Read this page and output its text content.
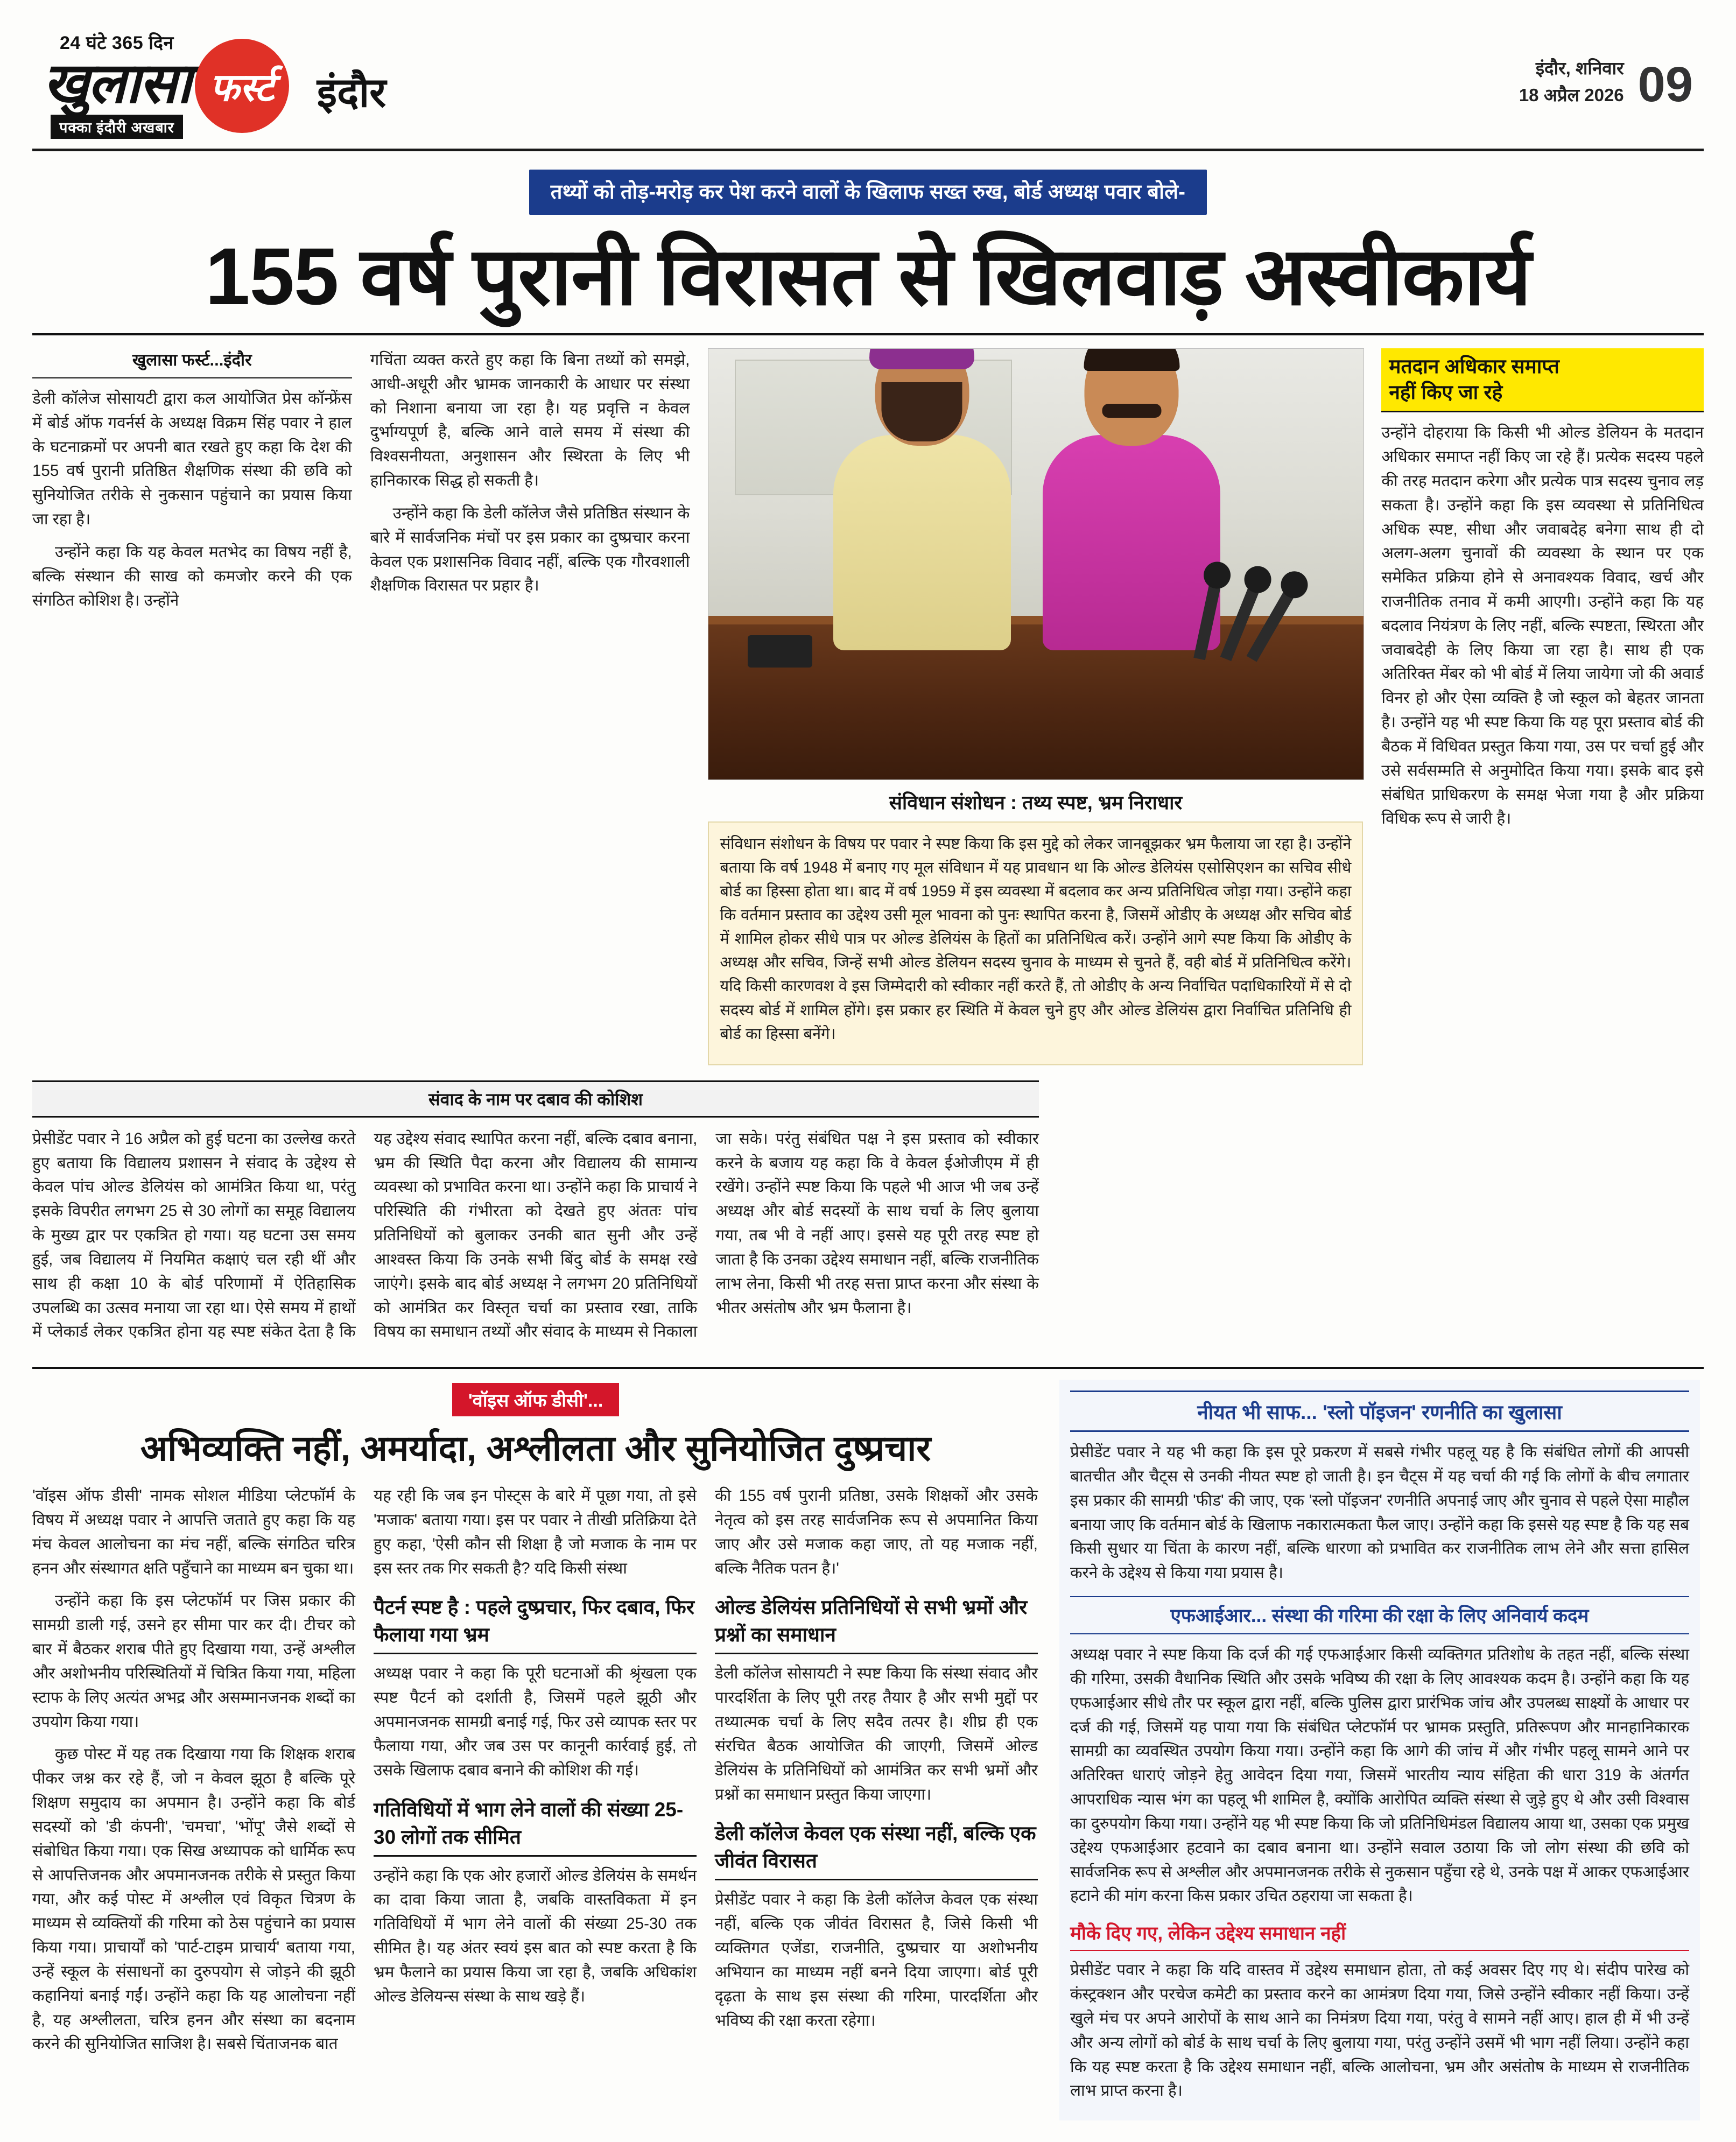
24 घंटे 365 दिन
खुलासा
पक्का इंदौरी अखबार
फर्स्ट	इंदौर
इंदौर, शनिवार
18 अप्रैल 2026 09
तथ्यों को तोड़-मरोड़ कर पेश करने वालों के खिलाफ सख्त रुख, बोर्ड अध्यक्ष पवार बोले-
155 वर्ष पुरानी विरासत से खिलवाड़ अस्वीकार्य
खुलासा फर्स्ट...इंदौर

डेली कॉलेज सोसायटी द्वारा कल आयोजित प्रेस कॉन्फ्रेंस में बोर्ड ऑफ गवर्नर्स के अध्यक्ष विक्रम सिंह पवार ने हाल के घटनाक्रमों पर अपनी बात रखते हुए कहा कि देश की 155 वर्ष पुरानी प्रतिष्ठित शैक्षणिक संस्था की छवि को सुनियोजित तरीके से नुकसान पहुंचाने का प्रयास किया जा रहा है।

उन्होंने कहा कि यह केवल मतभेद का विषय नहीं है, बल्कि संस्थान की साख को कमजोर करने की एक संगठित कोशिश है। उन्होंने

गचिंता व्यक्त करते हुए कहा कि बिना तथ्यों को समझे, आधी-अधूरी और भ्रामक जानकारी के आधार पर संस्था को निशाना बनाया जा रहा है। यह प्रवृत्ति न केवल दुर्भाग्यपूर्ण है, बल्कि आने वाले समय में संस्था की विश्वसनीयता, अनुशासन और स्थिरता के लिए भी हानिकारक सिद्ध हो सकती है।

उन्होंने कहा कि डेली कॉलेज जैसे प्रतिष्ठित संस्थान के बारे में सार्वजनिक मंचों पर इस प्रकार का दुष्प्रचार करना केवल एक प्रशासनिक विवाद नहीं, बल्कि एक गौरवशाली शैक्षणिक विरासत पर प्रहार है।

संविधान संशोधन : तथ्य स्पष्ट, भ्रम निराधार

संविधान संशोधन के विषय पर पवार ने स्पष्ट किया कि इस मुद्दे को लेकर जानबूझकर भ्रम फैलाया जा रहा है। उन्होंने बताया कि वर्ष 1948 में बनाए गए मूल संविधान में यह प्रावधान था कि ओल्ड डेलियंस एसोसिएशन का सचिव सीधे बोर्ड का हिस्सा होता था। बाद में वर्ष 1959 में इस व्यवस्था में बदलाव कर अन्य प्रतिनिधित्व जोड़ा गया। उन्होंने कहा कि वर्तमान प्रस्ताव का उद्देश्य उसी मूल भावना को पुनः स्थापित करना है, जिसमें ओडीए के अध्यक्ष और सचिव बोर्ड में शामिल होकर सीधे पात्र पर ओल्ड डेलियंस के हितों का प्रतिनिधित्व करें। उन्होंने आगे स्पष्ट किया कि ओडीए के अध्यक्ष और सचिव, जिन्हें सभी ओल्ड डेलियन सदस्य चुनाव के माध्यम से चुनते हैं, वही बोर्ड में प्रतिनिधित्व करेंगे। यदि किसी कारणवश वे इस जिम्मेदारी को स्वीकार नहीं करते हैं, तो ओडीए के अन्य निर्वाचित पदाधिकारियों में से दो सदस्य बोर्ड में शामिल होंगे। इस प्रकार हर स्थिति में केवल चुने हुए और ओल्ड डेलियंस द्वारा निर्वाचित प्रतिनिधि ही बोर्ड का हिस्सा बनेंगे।

मतदान अधिकार समाप्त
नहीं किए जा रहे

उन्होंने दोहराया कि किसी भी ओल्ड डेलियन के मतदान अधिकार समाप्त नहीं किए जा रहे हैं। प्रत्येक सदस्य पहले की तरह मतदान करेगा और प्रत्येक पात्र सदस्य चुनाव लड़ सकता है। उन्होंने कहा कि इस व्यवस्था से प्रतिनिधित्व अधिक स्पष्ट, सीधा और जवाबदेह बनेगा साथ ही दो अलग-अलग चुनावों की व्यवस्था के स्थान पर एक समेकित प्रक्रिया होने से अनावश्यक विवाद, खर्च और राजनीतिक तनाव में कमी आएगी। उन्होंने कहा कि यह बदलाव नियंत्रण के लिए नहीं, बल्कि स्पष्टता, स्थिरता और जवाबदेही के लिए किया जा रहा है। साथ ही एक अतिरिक्त मेंबर को भी बोर्ड में लिया जायेगा जो की अवार्ड विनर हो और ऐसा व्यक्ति है जो स्कूल को बेहतर जानता है। उन्होंने यह भी स्पष्ट किया कि यह पूरा प्रस्ताव बोर्ड की बैठक में विधिवत प्रस्तुत किया गया, उस पर चर्चा हुई और उसे सर्वसम्मति से अनुमोदित किया गया। इसके बाद इसे संबंधित प्राधिकरण के समक्ष भेजा गया है और प्रक्रिया विधिक रूप से जारी है।

संवाद के नाम पर दबाव की कोशिश

प्रेसीडेंट पवार ने 16 अप्रैल को हुई घटना का उल्लेख करते हुए बताया कि विद्यालय प्रशासन ने संवाद के उद्देश्य से केवल पांच ओल्ड डेलियंस को आमंत्रित किया था, परंतु इसके विपरीत लगभग 25 से 30 लोगों का समूह विद्यालय के मुख्य द्वार पर एकत्रित हो गया। यह घटना उस समय हुई, जब विद्यालय में नियमित कक्षाएं चल रही थीं और साथ ही कक्षा 10 के बोर्ड परिणामों में ऐतिहासिक उपलब्धि का उत्सव मनाया जा रहा था। ऐसे समय में हाथों में प्लेकार्ड लेकर एकत्रित होना यह स्पष्ट संकेत देता है कि यह उद्देश्य संवाद स्थापित करना नहीं, बल्कि दबाव बनाना, भ्रम की स्थिति पैदा करना और विद्यालय की सामान्य व्यवस्था को प्रभावित करना था। उन्होंने कहा कि प्राचार्य ने परिस्थिति की गंभीरता को देखते हुए अंततः पांच प्रतिनिधियों को बुलाकर उनकी बात सुनी और उन्हें आश्वस्त किया कि उनके सभी बिंदु बोर्ड के समक्ष रखे जाएंगे। इसके बाद बोर्ड अध्यक्ष ने लगभग 20 प्रतिनिधियों को आमंत्रित कर विस्तृत चर्चा का प्रस्ताव रखा, ताकि विषय का समाधान तथ्यों और संवाद के माध्यम से निकाला जा सके। परंतु संबंधित पक्ष ने इस प्रस्ताव को स्वीकार करने के बजाय यह कहा कि वे केवल ईओजीएम में ही रखेंगे। उन्होंने स्पष्ट किया कि पहले भी आज भी जब उन्हें अध्यक्ष और बोर्ड सदस्यों के साथ चर्चा के लिए बुलाया गया, तब भी वे नहीं आए। इससे यह पूरी तरह स्पष्ट हो जाता है कि उनका उद्देश्य समाधान नहीं, बल्कि राजनीतिक लाभ लेना, किसी भी तरह सत्ता प्राप्त करना और संस्था के भीतर असंतोष और भ्रम फैलाना है।

'वॉइस ऑफ डीसी'...
अभिव्यक्ति नहीं, अमर्यादा, अश्लीलता और सुनियोजित दुष्प्रचार

'वॉइस ऑफ डीसी' नामक सोशल मीडिया प्लेटफॉर्म के विषय में अध्यक्ष पवार ने आपत्ति जताते हुए कहा कि यह मंच केवल आलोचना का मंच नहीं, बल्कि संगठित चरित्र हनन और संस्थागत क्षति पहुँचाने का माध्यम बन चुका था।

उन्होंने कहा कि इस प्लेटफॉर्म पर जिस प्रकार की सामग्री डाली गई, उसने हर सीमा पार कर दी। टीचर को बार में बैठकर शराब पीते हुए दिखाया गया, उन्हें अश्लील और अशोभनीय परिस्थितियों में चित्रित किया गया, महिला स्टाफ के लिए अत्यंत अभद्र और असम्मानजनक शब्दों का उपयोग किया गया।

कुछ पोस्ट में यह तक दिखाया गया कि शिक्षक शराब पीकर जश्न कर रहे हैं, जो न केवल झूठा है बल्कि पूरे शिक्षण समुदाय का अपमान है। उन्होंने कहा कि बोर्ड सदस्यों को 'डी कंपनी', 'चमचा', 'भोंपू' जैसे शब्दों से संबोधित किया गया। एक सिख अध्यापक को धार्मिक रूप से आपत्तिजनक और अपमानजनक तरीके से प्रस्तुत किया गया, और कई पोस्ट में अश्लील एवं विकृत चित्रण के माध्यम से व्यक्तियों की गरिमा को ठेस पहुंचाने का प्रयास किया गया। प्राचार्यों को 'पार्ट-टाइम प्राचार्य' बताया गया, उन्हें स्कूल के संसाधनों का दुरुपयोग से जोड़ने की झूठी कहानियां बनाई गईं। उन्होंने कहा कि यह आलोचना नहीं है, यह अश्लीलता, चरित्र हनन और संस्था का बदनाम करने की सुनियोजित साजिश है। सबसे चिंताजनक बात

यह रही कि जब इन पोस्ट्स के बारे में पूछा गया, तो इसे 'मजाक' बताया गया। इस पर पवार ने तीखी प्रतिक्रिया देते हुए कहा, 'ऐसी कौन सी शिक्षा है जो मजाक के नाम पर इस स्तर तक गिर सकती है? यदि किसी संस्था

पैटर्न स्पष्ट है : पहले दुष्प्रचार, फिर दबाव, फिर फैलाया गया भ्रम

अध्यक्ष पवार ने कहा कि पूरी घटनाओं की श्रृंखला एक स्पष्ट पैटर्न को दर्शाती है, जिसमें पहले झूठी और अपमानजनक सामग्री बनाई गई, फिर उसे व्यापक स्तर पर फैलाया गया, और जब उस पर कानूनी कार्रवाई हुई, तो उसके खिलाफ दबाव बनाने की कोशिश की गई।

गतिविधियों में भाग लेने वालों की संख्या 25-30 लोगों तक सीमित

उन्होंने कहा कि एक ओर हजारों ओल्ड डेलियंस के समर्थन का दावा किया जाता है, जबकि वास्तविकता में इन गतिविधियों में भाग लेने वालों की संख्या 25-30 तक सीमित है। यह अंतर स्वयं इस बात को स्पष्ट करता है कि भ्रम फैलाने का प्रयास किया जा रहा है, जबकि अधिकांश ओल्ड डेलियन्स संस्था के साथ खड़े हैं।

की 155 वर्ष पुरानी प्रतिष्ठा, उसके शिक्षकों और उसके नेतृत्व को इस तरह सार्वजनिक रूप से अपमानित किया जाए और उसे मजाक कहा जाए, तो यह मजाक नहीं, बल्कि नैतिक पतन है।'

ओल्ड डेलियंस प्रतिनिधियों से सभी भ्रमों और प्रश्नों का समाधान

डेली कॉलेज सोसायटी ने स्पष्ट किया कि संस्था संवाद और पारदर्शिता के लिए पूरी तरह तैयार है और सभी मुद्दों पर तथ्यात्मक चर्चा के लिए सदैव तत्पर है। शीघ्र ही एक संरचित बैठक आयोजित की जाएगी, जिसमें ओल्ड डेलियंस के प्रतिनिधियों को आमंत्रित कर सभी भ्रमों और प्रश्नों का समाधान प्रस्तुत किया जाएगा।

डेली कॉलेज केवल एक संस्था नहीं, बल्कि एक जीवंत विरासत

प्रेसीडेंट पवार ने कहा कि डेली कॉलेज केवल एक संस्था नहीं, बल्कि एक जीवंत विरासत है, जिसे किसी भी व्यक्तिगत एजेंडा, राजनीति, दुष्प्रचार या अशोभनीय अभियान का माध्यम नहीं बनने दिया जाएगा। बोर्ड पूरी दृढ़ता के साथ इस संस्था की गरिमा, पारदर्शिता और भविष्य की रक्षा करता रहेगा।

नीयत भी साफ... 'स्लो पॉइजन' रणनीति का खुलासा

प्रेसीडेंट पवार ने यह भी कहा कि इस पूरे प्रकरण में सबसे गंभीर पहलू यह है कि संबंधित लोगों की आपसी बातचीत और चैट्स से उनकी नीयत स्पष्ट हो जाती है। इन चैट्स में यह चर्चा की गई कि लोगों के बीच लगातार इस प्रकार की सामग्री 'फीड' की जाए, एक 'स्लो पॉइजन' रणनीति अपनाई जाए और चुनाव से पहले ऐसा माहौल बनाया जाए कि वर्तमान बोर्ड के खिलाफ नकारात्मकता फैल जाए। उन्होंने कहा कि इससे यह स्पष्ट है कि यह सब किसी सुधार या चिंता के कारण नहीं, बल्कि धारणा को प्रभावित कर राजनीतिक लाभ लेने और सत्ता हासिल करने के उद्देश्य से किया गया प्रयास है।

एफआईआर... संस्था की गरिमा की रक्षा के लिए अनिवार्य कदम

अध्यक्ष पवार ने स्पष्ट किया कि दर्ज की गई एफआईआर किसी व्यक्तिगत प्रतिशोध के तहत नहीं, बल्कि संस्था की गरिमा, उसकी वैधानिक स्थिति और उसके भविष्य की रक्षा के लिए आवश्यक कदम है। उन्होंने कहा कि यह एफआईआर सीधे तौर पर स्कूल द्वारा नहीं, बल्कि पुलिस द्वारा प्रारंभिक जांच और उपलब्ध साक्ष्यों के आधार पर दर्ज की गई, जिसमें यह पाया गया कि संबंधित प्लेटफॉर्म पर भ्रामक प्रस्तुति, प्रतिरूपण और मानहानिकारक सामग्री का व्यवस्थित उपयोग किया गया। उन्होंने कहा कि आगे की जांच में और गंभीर पहलू सामने आने पर अतिरिक्त धाराएं जोड़ने हेतु आवेदन दिया गया, जिसमें भारतीय न्याय संहिता की धारा 319 के अंतर्गत आपराधिक न्यास भंग का पहलू भी शामिल है, क्योंकि आरोपित व्यक्ति संस्था से जुड़े हुए थे और उसी विश्वास का दुरुपयोग किया गया। उन्होंने यह भी स्पष्ट किया कि जो प्रतिनिधिमंडल विद्यालय आया था, उसका एक प्रमुख उद्देश्य एफआईआर हटवाने का दबाव बनाना था। उन्होंने सवाल उठाया कि जो लोग संस्था की छवि को सार्वजनिक रूप से अश्लील और अपमानजनक तरीके से नुकसान पहुँचा रहे थे, उनके पक्ष में आकर एफआईआर हटाने की मांग करना किस प्रकार उचित ठहराया जा सकता है।

मौके दिए गए, लेकिन उद्देश्य समाधान नहीं

प्रेसीडेंट पवार ने कहा कि यदि वास्तव में उद्देश्य समाधान होता, तो कई अवसर दिए गए थे। संदीप पारेख को कंस्ट्रक्शन और परचेज कमेटी का प्रस्ताव करने का आमंत्रण दिया गया, जिसे उन्होंने स्वीकार नहीं किया। उन्हें खुले मंच पर अपने आरोपों के साथ आने का निमंत्रण दिया गया, परंतु वे सामने नहीं आए। हाल ही में भी उन्हें और अन्य लोगों को बोर्ड के साथ चर्चा के लिए बुलाया गया, परंतु उन्होंने उसमें भी भाग नहीं लिया। उन्होंने कहा कि यह स्पष्ट करता है कि उद्देश्य समाधान नहीं, बल्कि आलोचना, भ्रम और असंतोष के माध्यम से राजनीतिक लाभ प्राप्त करना है।
